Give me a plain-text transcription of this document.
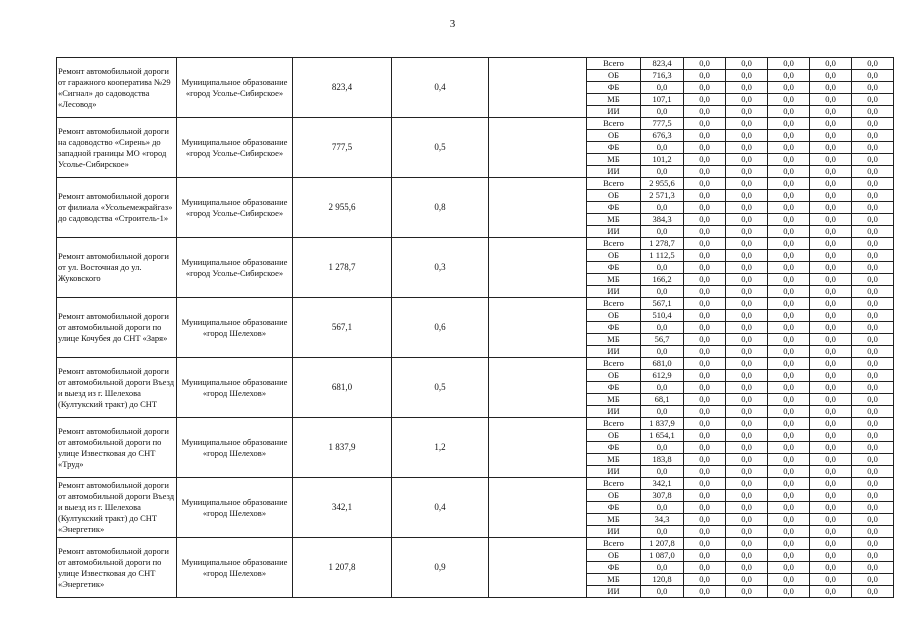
3
Ремонт автомобильной дороги от гаражного кооператива №29 «Сигнал» до садоводства «Лесовод»	Муниципальное образование «город Усолье-Сибирское»	823,4	0,4		Всего	823,4	0,0	0,0	0,0	0,0	0,0
					ОБ	716,3	0,0	0,0	0,0	0,0	0,0
					ФБ	0,0	0,0	0,0	0,0	0,0	0,0
					МБ	107,1	0,0	0,0	0,0	0,0	0,0
					ИИ	0,0	0,0	0,0	0,0	0,0	0,0
Ремонт автомобильной дороги на садоводство «Сирень» до западной границы МО «город Усолье-Сибирское»	Муниципальное образование «город Усолье-Сибирское»	777,5	0,5		Всего	777,5	0,0	0,0	0,0	0,0	0,0
					ОБ	676,3	0,0	0,0	0,0	0,0	0,0
					ФБ	0,0	0,0	0,0	0,0	0,0	0,0
					МБ	101,2	0,0	0,0	0,0	0,0	0,0
					ИИ	0,0	0,0	0,0	0,0	0,0	0,0
Ремонт автомобильной дороги от филиала «Усольемежрайгаз» до садоводства «Строитель-1»	Муниципальное образование «город Усолье-Сибирское»	2 955,6	0,8		Всего	2 955,6	0,0	0,0	0,0	0,0	0,0
					ОБ	2 571,3	0,0	0,0	0,0	0,0	0,0
					ФБ	0,0	0,0	0,0	0,0	0,0	0,0
					МБ	384,3	0,0	0,0	0,0	0,0	0,0
					ИИ	0,0	0,0	0,0	0,0	0,0	0,0
Ремонт автомобильной дороги от ул. Восточная до ул. Жуковского	Муниципальное образование «город Усолье-Сибирское»	1 278,7	0,3		Всего	1 278,7	0,0	0,0	0,0	0,0	0,0
					ОБ	1 112,5	0,0	0,0	0,0	0,0	0,0
					ФБ	0,0	0,0	0,0	0,0	0,0	0,0
					МБ	166,2	0,0	0,0	0,0	0,0	0,0
					ИИ	0,0	0,0	0,0	0,0	0,0	0,0
Ремонт автомобильной дороги от автомобильной дороги по улице Кочубея до СНТ «Заря»	Муниципальное образование «город Шелехов»	567,1	0,6		Всего	567,1	0,0	0,0	0,0	0,0	0,0
					ОБ	510,4	0,0	0,0	0,0	0,0	0,0
					ФБ	0,0	0,0	0,0	0,0	0,0	0,0
					МБ	56,7	0,0	0,0	0,0	0,0	0,0
					ИИ	0,0	0,0	0,0	0,0	0,0	0,0
Ремонт автомобильной дороги от автомобильной дороги Въезд и выезд из г. Шелехова (Култукский тракт) до СНТ	Муниципальное образование «город Шелехов»	681,0	0,5		Всего	681,0	0,0	0,0	0,0	0,0	0,0
					ОБ	612,9	0,0	0,0	0,0	0,0	0,0
					ФБ	0,0	0,0	0,0	0,0	0,0	0,0
					МБ	68,1	0,0	0,0	0,0	0,0	0,0
					ИИ	0,0	0,0	0,0	0,0	0,0	0,0
Ремонт автомобильной дороги от автомобильной дороги по улице Известковая до СНТ «Труд»	Муниципальное образование «город Шелехов»	1 837,9	1,2		Всего	1 837,9	0,0	0,0	0,0	0,0	0,0
					ОБ	1 654,1	0,0	0,0	0,0	0,0	0,0
					ФБ	0,0	0,0	0,0	0,0	0,0	0,0
					МБ	183,8	0,0	0,0	0,0	0,0	0,0
					ИИ	0,0	0,0	0,0	0,0	0,0	0,0
Ремонт автомобильной дороги от автомобильной дороги Въезд и выезд из г. Шелехова (Култукский тракт) до СНТ «Энергетик»	Муниципальное образование «город Шелехов»	342,1	0,4		Всего	342,1	0,0	0,0	0,0	0,0	0,0
					ОБ	307,8	0,0	0,0	0,0	0,0	0,0
					ФБ	0,0	0,0	0,0	0,0	0,0	0,0
					МБ	34,3	0,0	0,0	0,0	0,0	0,0
					ИИ	0,0	0,0	0,0	0,0	0,0	0,0
Ремонт автомобильной дороги от автомобильной дороги по улице Известковая до СНТ «Энергетик»	Муниципальное образование «город Шелехов»	1 207,8	0,9		Всего	1 207,8	0,0	0,0	0,0	0,0	0,0
					ОБ	1 087,0	0,0	0,0	0,0	0,0	0,0
					ФБ	0,0	0,0	0,0	0,0	0,0	0,0
					МБ	120,8	0,0	0,0	0,0	0,0	0,0
					ИИ	0,0	0,0	0,0	0,0	0,0	0,0
